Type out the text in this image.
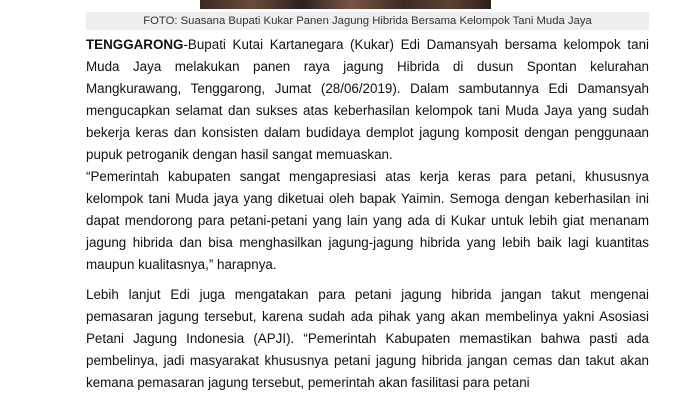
FOTO: Suasana Bupati Kukar Panen Jagung Hibrida Bersama Kelompok Tani Muda Jaya

TENGGARONG-Bupati Kutai Kartanegara (Kukar) Edi Damansyah bersama kelompok tani Muda Jaya melakukan panen raya jagung Hibrida di dusun Spontan kelurahan Mangkurawang, Tenggarong, Jumat (28/06/2019). Dalam sambutannya Edi Damansyah mengucapkan selamat dan sukses atas keberhasilan kelompok tani Muda Jaya yang sudah bekerja keras dan konsisten dalam budidaya demplot jagung komposit dengan penggunaan pupuk petroganik dengan hasil sangat memuaskan.

“Pemerintah kabupaten sangat mengapresiasi atas kerja keras para petani, khususnya kelompok tani Muda jaya yang diketuai oleh bapak Yaimin. Semoga dengan keberhasilan ini dapat mendorong para petani-petani yang lain yang ada di Kukar untuk lebih giat menanam jagung hibrida dan bisa menghasilkan jagung-jagung hibrida yang lebih baik lagi kuantitas maupun kualitasnya,” harapnya.

Lebih lanjut Edi juga mengatakan para petani jagung hibrida jangan takut mengenai pemasaran jagung tersebut, karena sudah ada pihak yang akan membelinya yakni Asosiasi Petani Jagung Indonesia (APJI). “Pemerintah Kabupaten memastikan bahwa pasti ada pembelinya, jadi masyarakat khususnya petani jagung hibrida jangan cemas dan takut akan kemana pemasaran jagung tersebut, pemerintah akan fasilitasi para petani
